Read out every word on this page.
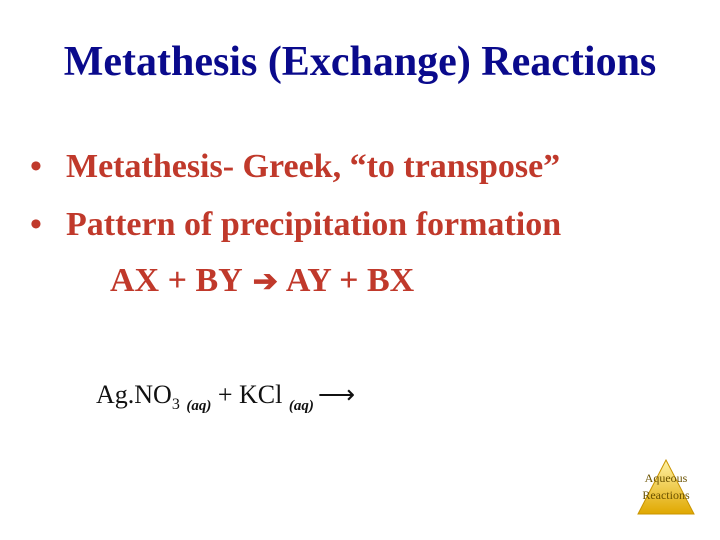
Metathesis (Exchange) Reactions
• Metathesis- Greek, “to transpose”
• Pattern of precipitation formation
AX + BY ➔ AY + BX
$Ag.NO_3$ $_{(aq)}$ + KCl $_{(aq)}$ ⟶
Aqueous
Reactions
